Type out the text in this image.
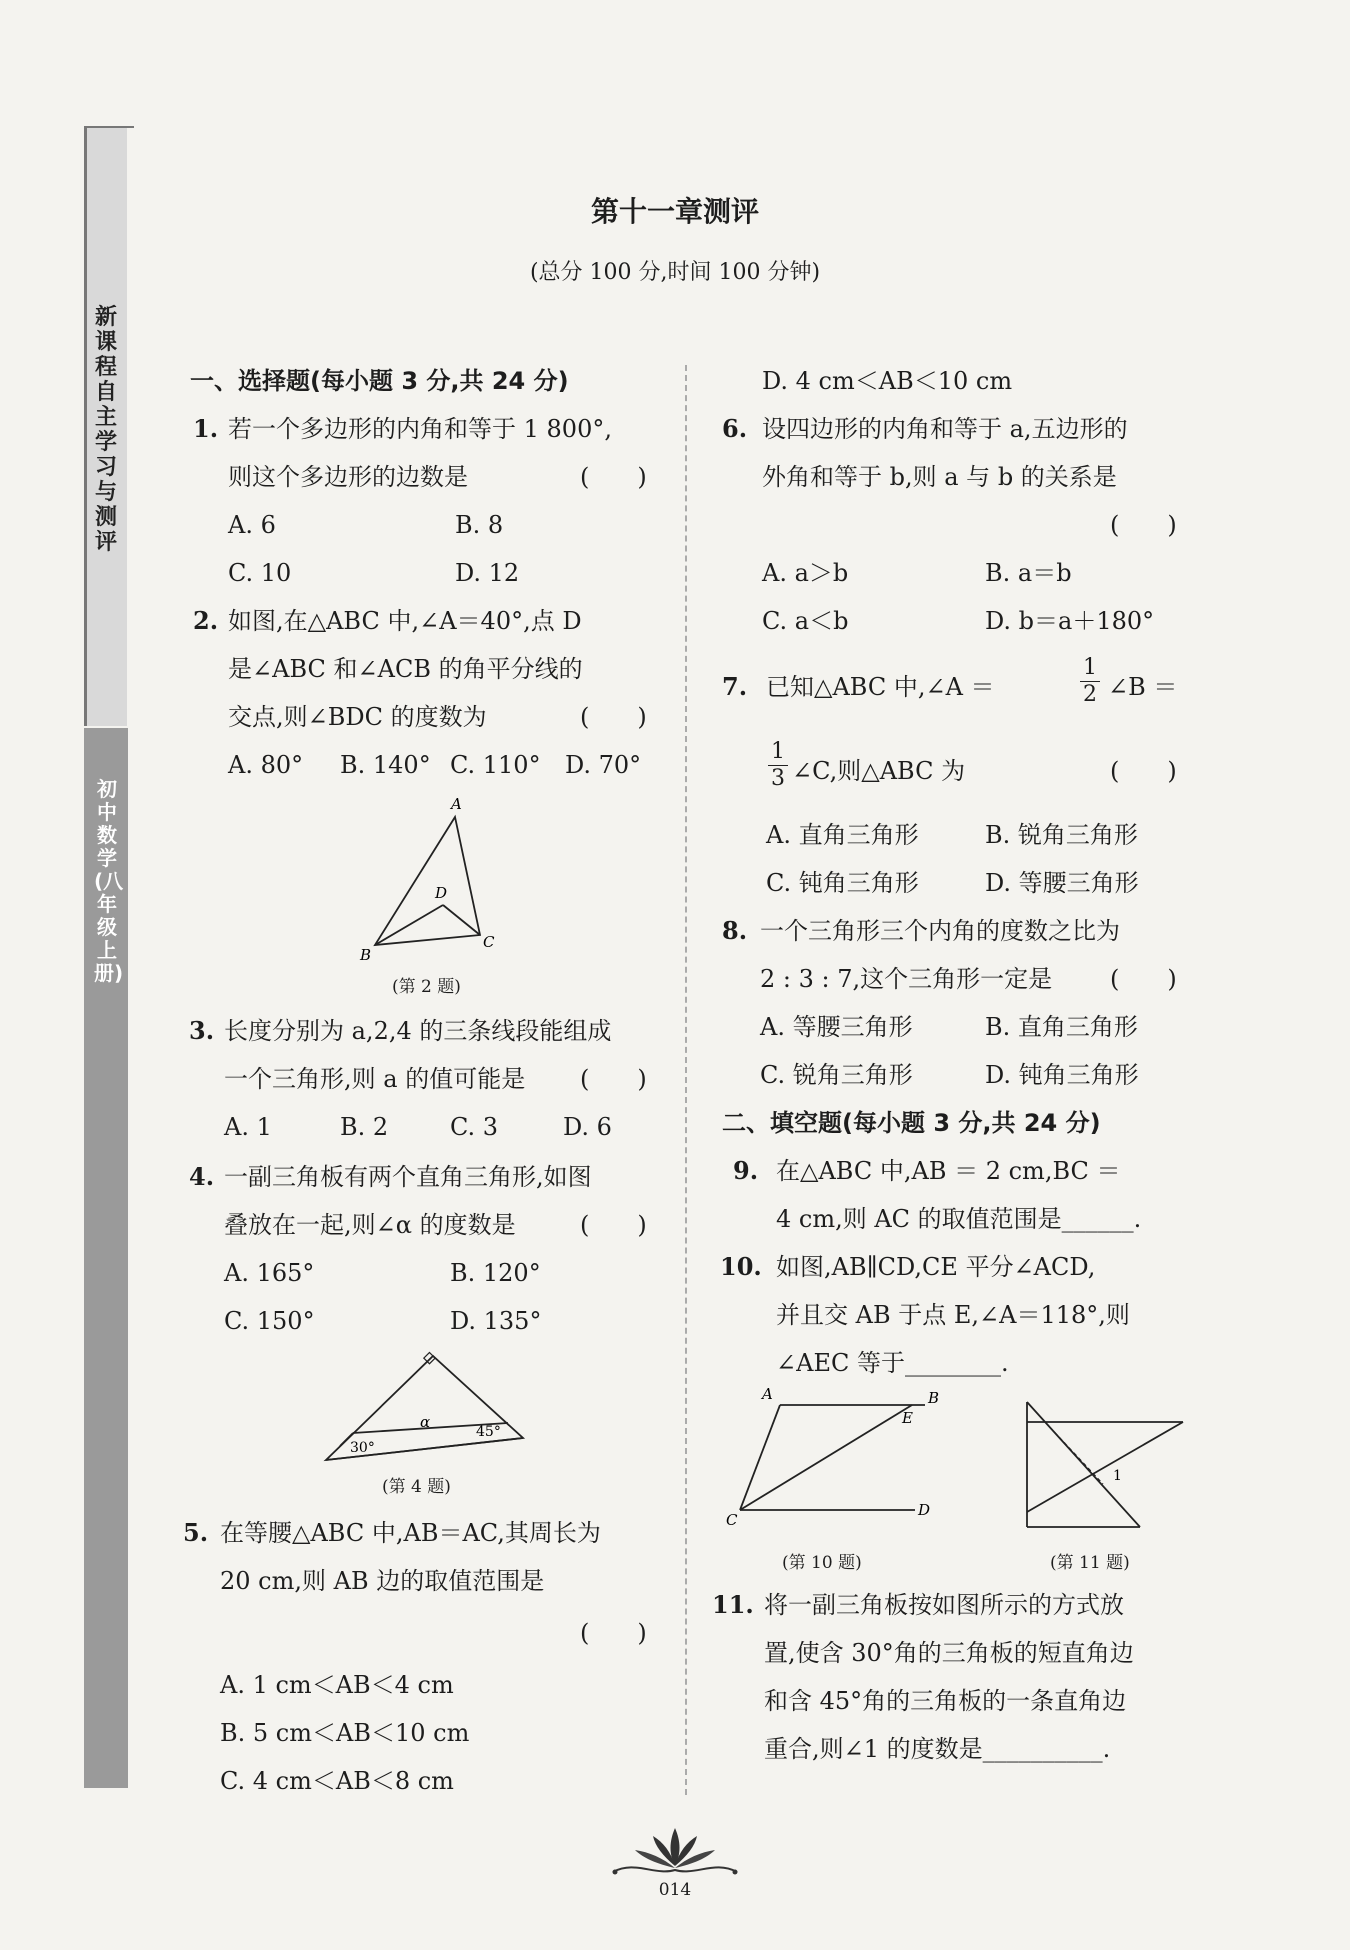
新课程自主学习与测评
初中数学(八年级上册)
第十一章测评
(总分 100 分,时间 100 分钟)
一、选择题(每小题 3 分,共 24 分)
1. 若一个多边形的内角和等于 1 800°,
则这个多边形的边数是	(　　)
A. 6	B. 8
C. 10	D. 12
2. 如图,在△ABC 中,∠A＝40°,点 D
是∠ABC 和∠ACB 的角平分线的
交点,则∠BDC 的度数为	(　　)
A. 80° B. 140° C. 110° D. 70°
A
B
C
D
(第 2 题)
3. 长度分别为 a,2,4 的三条线段能组成
一个三角形,则 a 的值可能是 (　　)
A. 1	B. 2	C. 3	D. 6
4. 一副三角板有两个直角三角形,如图
叠放在一起,则∠α 的度数是	(　　)
A. 165°	B. 120°
C. 150°	D. 135°
30°
45°
α
(第 4 题)
5. 在等腰△ABC 中,AB＝AC,其周长为
20 cm,则 AB 边的取值范围是
(　　)
A. 1 cm＜AB＜4 cm
B. 5 cm＜AB＜10 cm
C. 4 cm＜AB＜8 cm
D. 4 cm＜AB＜10 cm
6. 设四边形的内角和等于 a,五边形的
外角和等于 b,则 a 与 b 的关系是
(　　)
A. a＞b	B. a＝b
C. a＜b	D. b＝a＋180°
7. 已知△ABC 中,∠A ＝
1
2 ∠B ＝
1
3 ∠C,则△ABC 为	(　　)
A. 直角三角形	B. 锐角三角形
C. 钝角三角形	D. 等腰三角形
8. 一个三角形三个内角的度数之比为
2 : 3 : 7,这个三角形一定是 (　　)
A. 等腰三角形	B. 直角三角形
C. 锐角三角形	D. 钝角三角形
二、填空题(每小题 3 分,共 24 分)
9. 在△ABC 中,AB ＝ 2 cm,BC ＝
4 cm,则 AC 的取值范围是______.
10. 如图,AB∥CD,CE 平分∠ACD,
并且交 AB 于点 E,∠A＝118°,则
∠AEC 等于________.
A	B
C
D
E
(第 10 题)
1
(第 11 题)
11. 将一副三角板按如图所示的方式放
置,使含 30°角的三角板的短直角边
和含 45°角的三角板的一条直角边
重合,则∠1 的度数是__________.
014
